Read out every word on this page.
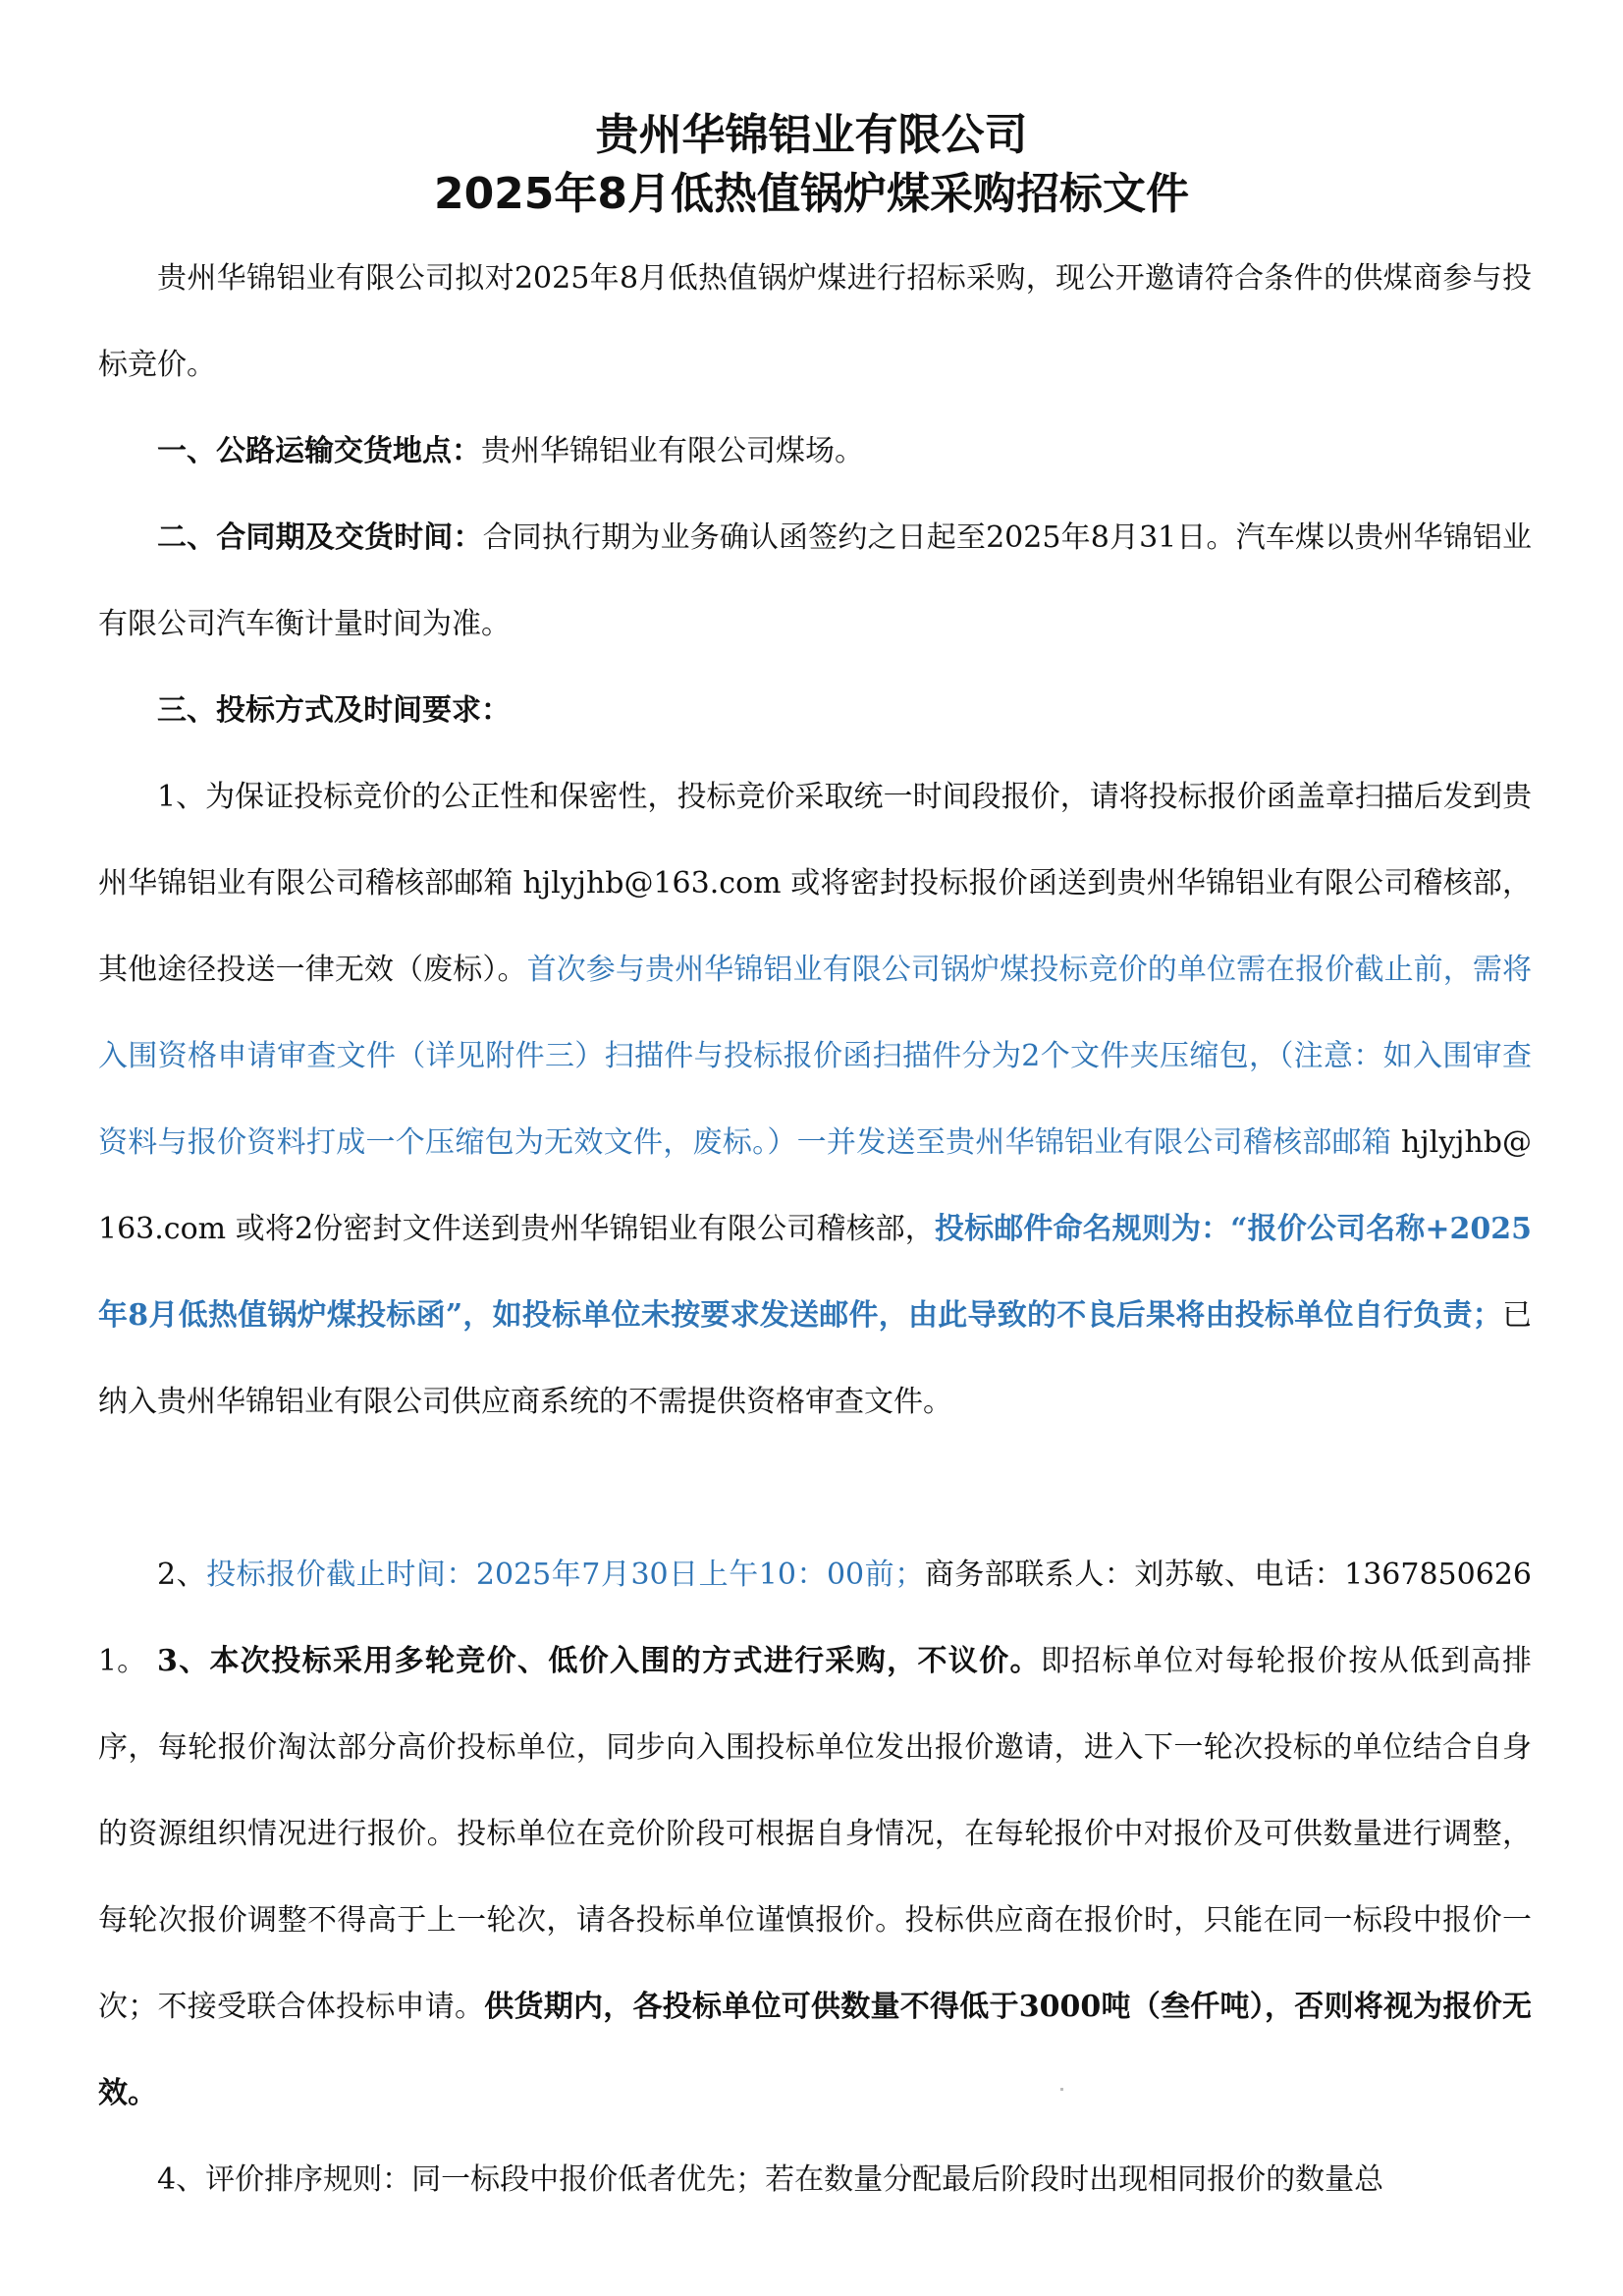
贵州华锦铝业有限公司
2025年8月低热值锅炉煤采购招标文件

贵州华锦铝业有限公司拟对2025年8月低热值锅炉煤进行招标采购，现公开邀请符合条件的供煤商参与投标竞价。

一、公路运输交货地点：贵州华锦铝业有限公司煤场。

二、合同期及交货时间：合同执行期为业务确认函签约之日起至2025年8月31日。汽车煤以贵州华锦铝业有限公司汽车衡计量时间为准。

三、投标方式及时间要求：

1、为保证投标竞价的公正性和保密性，投标竞价采取统一时间段报价，请将投标报价函盖章扫描后发到贵州华锦铝业有限公司稽核部邮箱 hjlyjhb@163.com 或将密封投标报价函送到贵州华锦铝业有限公司稽核部，其他途径投送一律无效（废标）。首次参与贵州华锦铝业有限公司锅炉煤投标竞价的单位需在报价截止前，需将入围资格申请审查文件（详见附件三）扫描件与投标报价函扫描件分为2个文件夹压缩包，（注意：如入围审查资料与报价资料打成一个压缩包为无效文件，废标。）一并发送至贵州华锦铝业有限公司稽核部邮箱 hjlyjhb@163.com 或将2份密封文件送到贵州华锦铝业有限公司稽核部，投标邮件命名规则为：“报价公司名称+2025年8月低热值锅炉煤投标函”，如投标单位未按要求发送邮件，由此导致的不良后果将由投标单位自行负责；已纳入贵州华锦铝业有限公司供应商系统的不需提供资格审查文件。

2、投标报价截止时间：2025年7月30日上午10：00前；商务部联系人：刘苏敏、电话：13678506261。 3、本次投标采用多轮竞价、低价入围的方式进行采购，不议价。即招标单位对每轮报价按从低到高排序，每轮报价淘汰部分高价投标单位，同步向入围投标单位发出报价邀请，进入下一轮次投标的单位结合自身的资源组织情况进行报价。投标单位在竞价阶段可根据自身情况，在每轮报价中对报价及可供数量进行调整，每轮次报价调整不得高于上一轮次，请各投标单位谨慎报价。投标供应商在报价时，只能在同一标段中报价一次；不接受联合体投标申请。供货期内，各投标单位可供数量不得低于3000吨（叁仟吨），否则将视为报价无效。

4、评价排序规则：同一标段中报价低者优先；若在数量分配最后阶段时出现相同报价的数量总
